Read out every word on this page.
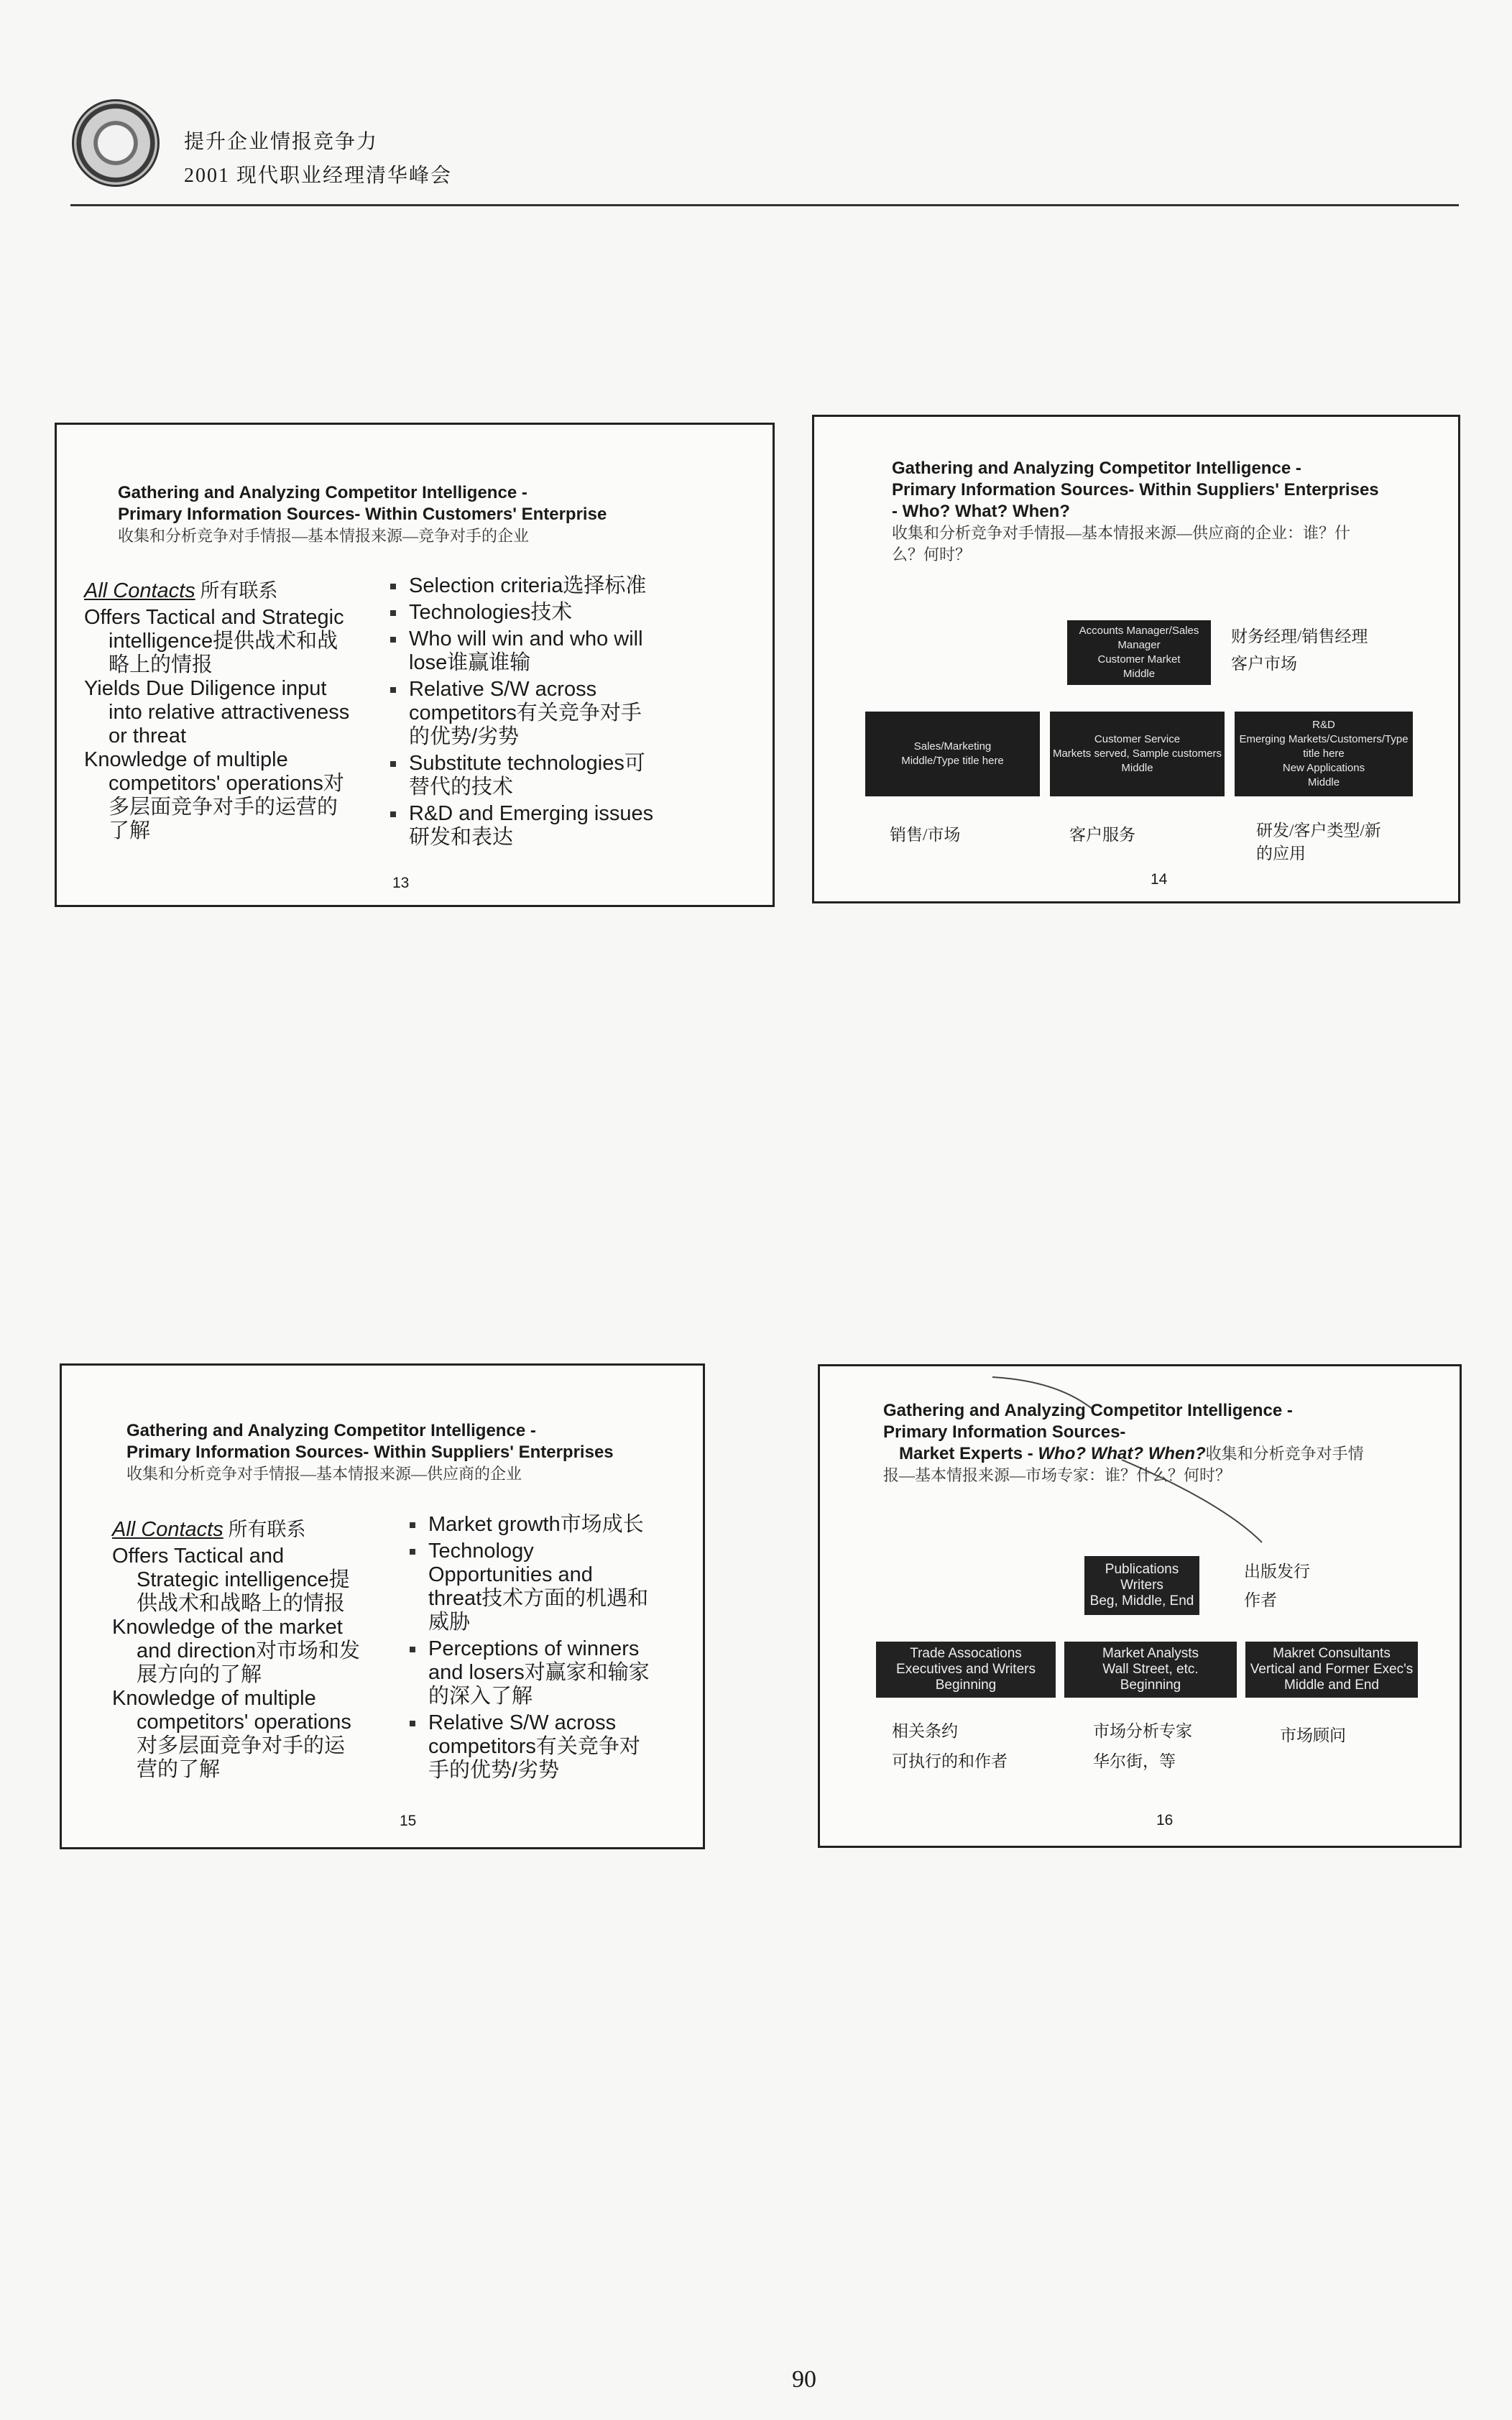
提升企业情报竞争力
2001 现代职业经理清华峰会
Gathering and Analyzing Competitor Intelligence -
Primary Information Sources- Within Customers' Enterprise
收集和分析竞争对手情报—基本情报来源—竞争对手的企业
All Contacts 所有联系
Offers Tactical and Strategic
intelligence提供战术和战
略上的情报
Yields Due Diligence input
into relative attractiveness
or threat
Knowledge of multiple
competitors' operations对
多层面竞争对手的运营的
了解
Selection criteria选择标准
Technologies技术
Who will win and who will
lose谁赢谁输
Relative S/W across
competitors有关竞争对手
的优势/劣势
Substitute technologies可
替代的技术
R&D and Emerging issues
研发和表达
13
Gathering and Analyzing Competitor Intelligence -
Primary Information Sources- Within Suppliers' Enterprises
- Who? What? When?
收集和分析竞争对手情报—基本情报来源—供应商的企业：谁？什
么？何时？
Accounts Manager/Sales Manager
Customer Market
Middle
财务经理/销售经理
客户市场
Sales/Marketing
Middle/Type title here
Customer Service
Markets served, Sample customers
Middle
R&D
Emerging Markets/Customers/Type title here
New Applications
Middle
销售/市场	客户服务	研发/客户类型/新
的应用
14
Gathering and Analyzing Competitor Intelligence -
Primary Information Sources- Within Suppliers' Enterprises
收集和分析竞争对手情报—基本情报来源—供应商的企业
All Contacts 所有联系
Offers Tactical and
Strategic intelligence提
供战术和战略上的情报
Knowledge of the market
and direction对市场和发
展方向的了解
Knowledge of multiple
competitors' operations
对多层面竞争对手的运
营的了解
Market growth市场成长
Technology
Opportunities and
threat技术方面的机遇和
威胁
Perceptions of winners
and losers对赢家和输家
的深入了解
Relative S/W across
competitors有关竞争对
手的优势/劣势
15
Gathering and Analyzing Competitor Intelligence -
Primary Information Sources-
Market Experts - Who? What? When?收集和分析竞争对手情
报—基本情报来源—市场专家：谁？什么？何时？
Publications
Writers
Beg, Middle, End
出版发行
作者
Trade Assocations
Executives and Writers
Beginning
Market Analysts
Wall Street, etc.
Beginning
Makret Consultants
Vertical and Former Exec's
Middle and End
相关条约
可执行的和作者
市场分析专家
华尔街，等
市场顾问
16
90
